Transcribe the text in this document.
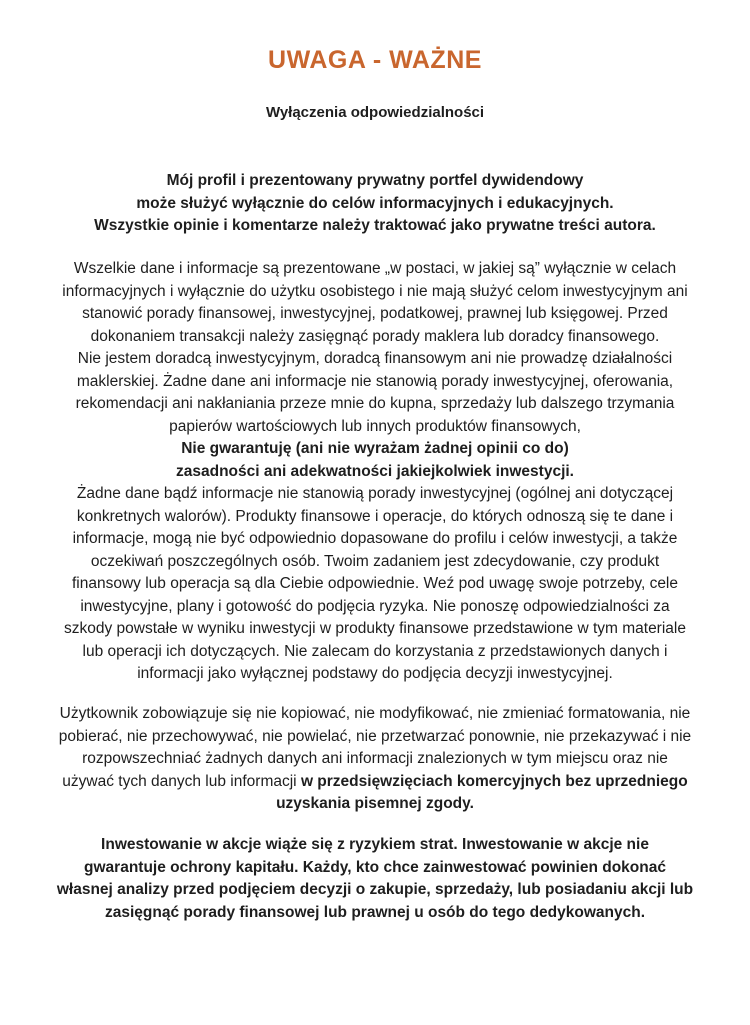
UWAGA - WAŻNE
Wyłączenia odpowiedzialności
Mój profil i prezentowany prywatny portfel dywidendowy
może służyć wyłącznie do celów informacyjnych i edukacyjnych.
Wszystkie opinie i komentarze należy traktować jako prywatne treści autora.
Wszelkie dane i informacje są prezentowane „w postaci, w jakiej są” wyłącznie w celach
informacyjnych i wyłącznie do użytku osobistego i nie mają służyć celom inwestycyjnym ani
stanowić porady finansowej, inwestycyjnej, podatkowej, prawnej lub księgowej. Przed
dokonaniem transakcji należy zasięgnąć porady maklera lub doradcy finansowego.
Nie jestem doradcą inwestycyjnym, doradcą finansowym ani nie prowadzę działalności
maklerskiej. Żadne dane ani informacje nie stanowią porady inwestycyjnej, oferowania,
rekomendacji ani nakłaniania przeze mnie do kupna, sprzedaży lub dalszego trzymania
papierów wartościowych lub innych produktów finansowych,
Nie gwarantuję (ani nie wyrażam żadnej opinii co do)
zasadności ani adekwatności jakiejkolwiek inwestycji.
Żadne dane bądź informacje nie stanowią porady inwestycyjnej (ogólnej ani dotyczącej
konkretnych walorów). Produkty finansowe i operacje, do których odnoszą się te dane i
informacje, mogą nie być odpowiednio dopasowane do profilu i celów inwestycji, a także
oczekiwań poszczególnych osób. Twoim zadaniem jest zdecydowanie, czy produkt
finansowy lub operacja są dla Ciebie odpowiednie. Weź pod uwagę swoje potrzeby, cele
inwestycyjne, plany i gotowość do podjęcia ryzyka. Nie ponoszę odpowiedzialności za
szkody powstałe w wyniku inwestycji w produkty finansowe przedstawione w tym materiale
lub operacji ich dotyczących. Nie zalecam do korzystania z przedstawionych danych i
informacji jako wyłącznej podstawy do podjęcia decyzji inwestycyjnej.
Użytkownik zobowiązuje się nie kopiować, nie modyfikować, nie zmieniać formatowania, nie
pobierać, nie przechowywać, nie powielać, nie przetwarzać ponownie, nie przekazywać i nie
rozpowszechniać żadnych danych ani informacji znalezionych w tym miejscu oraz nie
używać tych danych lub informacji w przedsięwzięciach komercyjnych bez uprzedniego
uzyskania pisemnej zgody.
Inwestowanie w akcje wiąże się z ryzykiem strat. Inwestowanie w akcje nie
gwarantuje ochrony kapitału. Każdy, kto chce zainwestować powinien dokonać
własnej analizy przed podjęciem decyzji o zakupie, sprzedaży, lub posiadaniu akcji lub
zasięgnąć porady finansowej lub prawnej u osób do tego dedykowanych.
